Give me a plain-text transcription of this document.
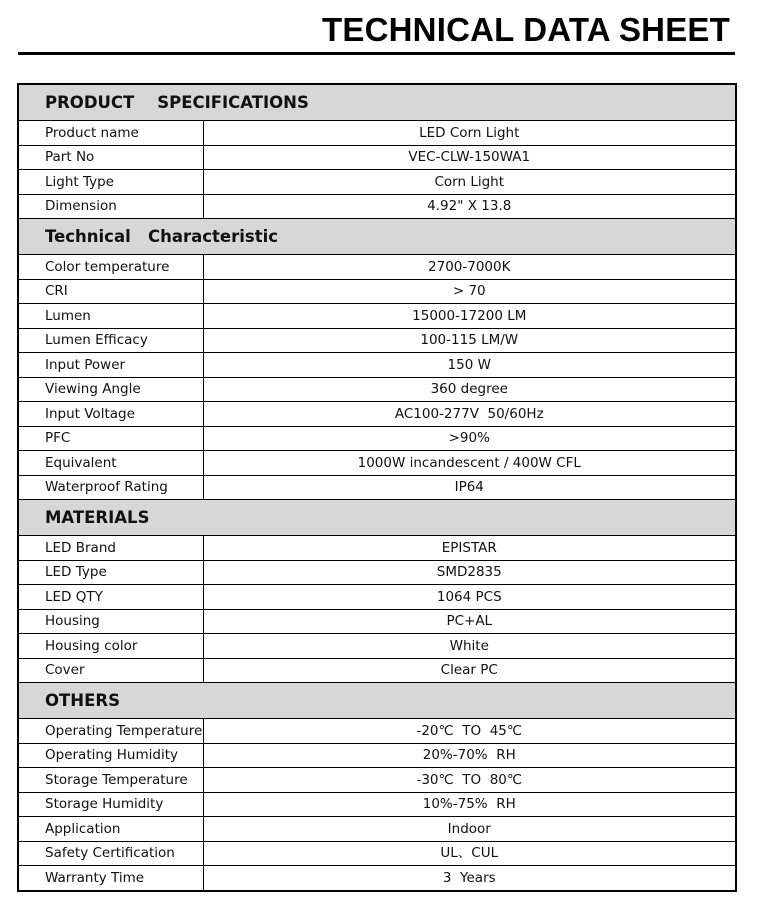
TECHNICAL DATA SHEET
PRODUCT    SPECIFICATIONS	
Product name	LED Corn Light
Part No	VEC-CLW-150WA1
Light Type	Corn Light
Dimension	4.92" X 13.8
Technical   Characteristic	
Color temperature	2700-7000K
CRI	> 70
Lumen	15000-17200 LM
Lumen Efficacy	100-115 LM/W
Input Power	150 W
Viewing Angle	360 degree
Input Voltage	AC100-277V  50/60Hz
PFC	>90%
Equivalent	1000W incandescent / 400W CFL
Waterproof Rating	IP64
MATERIALS	
LED Brand	EPISTAR
LED Type	SMD2835
LED QTY	1064 PCS
Housing	PC+AL
Housing color	White
Cover	Clear PC
OTHERS	
Operating Temperature	-20℃  TO  45℃
Operating Humidity	20%-70%  RH
Storage Temperature	-30℃  TO  80℃
Storage Humidity	10%-75%  RH
Application	Indoor
Safety Certification	UL、CUL
Warranty Time	3  Years
